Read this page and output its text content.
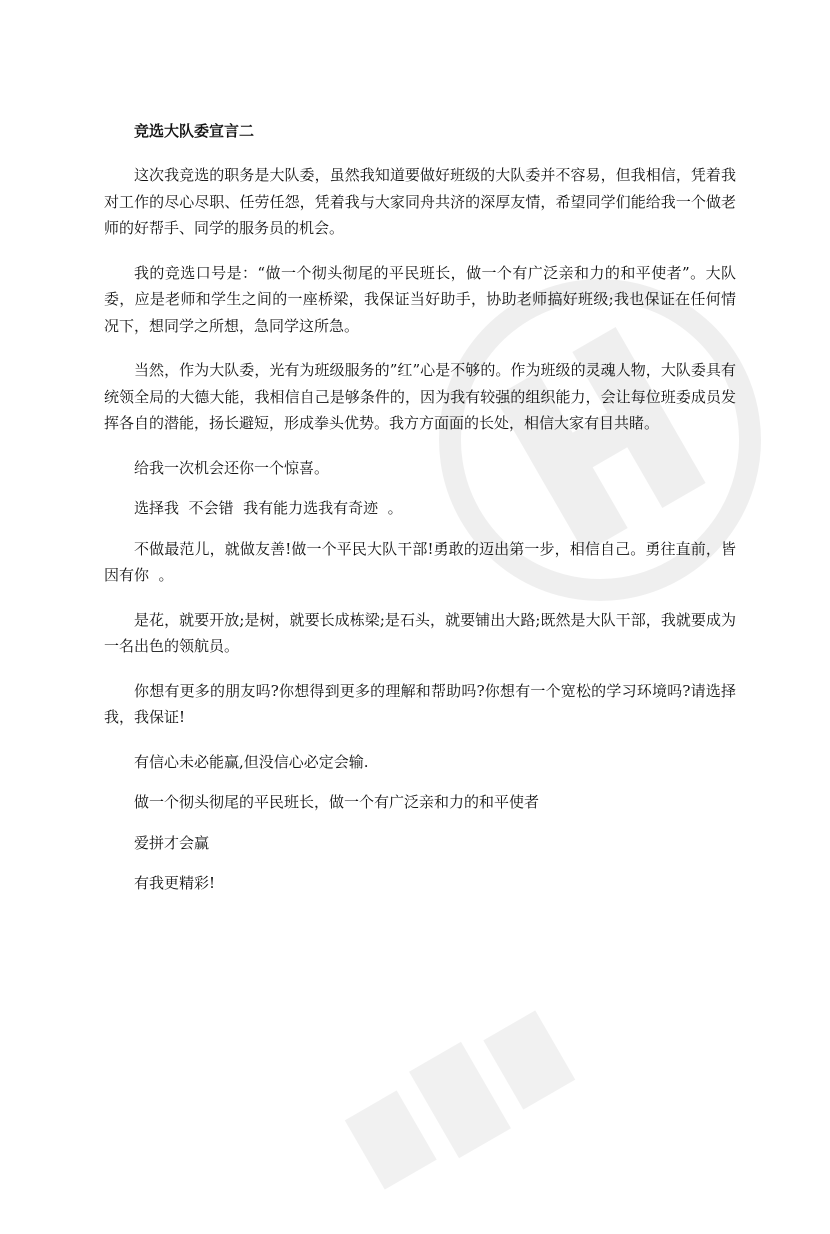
竞选大队委宣言二

这次我竞选的职务是大队委，虽然我知道要做好班级的大队委并不容易，但我相信，凭着我对工作的尽心尽职、任劳任怨，凭着我与大家同舟共济的深厚友情，希望同学们能给我一个做老师的好帮手、同学的服务员的机会。

我的竞选口号是：“做一个彻头彻尾的平民班长，做一个有广泛亲和力的和平使者”。大队委，应是老师和学生之间的一座桥梁，我保证当好助手，协助老师搞好班级;我也保证在任何情况下，想同学之所想，急同学这所急。

当然，作为大队委，光有为班级服务的”红”心是不够的。作为班级的灵魂人物，大队委具有统领全局的大德大能，我相信自己是够条件的，因为我有较强的组织能力，会让每位班委成员发挥各自的潜能，扬长避短，形成拳头优势。我方方面面的长处，相信大家有目共睹。

给我一次机会还你一个惊喜。

选择我  不会错  我有能力选我有奇迹  。

不做最范儿，就做友善!做一个平民大队干部!勇敢的迈出第一步，相信自己。勇往直前，皆因有你  。

是花，就要开放;是树，就要长成栋梁;是石头，就要铺出大路;既然是大队干部，我就要成为一名出色的领航员。

你想有更多的朋友吗?你想得到更多的理解和帮助吗?你想有一个宽松的学习环境吗?请选择我，我保证!

有信心未必能赢,但没信心必定会输.

做一个彻头彻尾的平民班长，做一个有广泛亲和力的和平使者

爱拼才会赢

有我更精彩!
